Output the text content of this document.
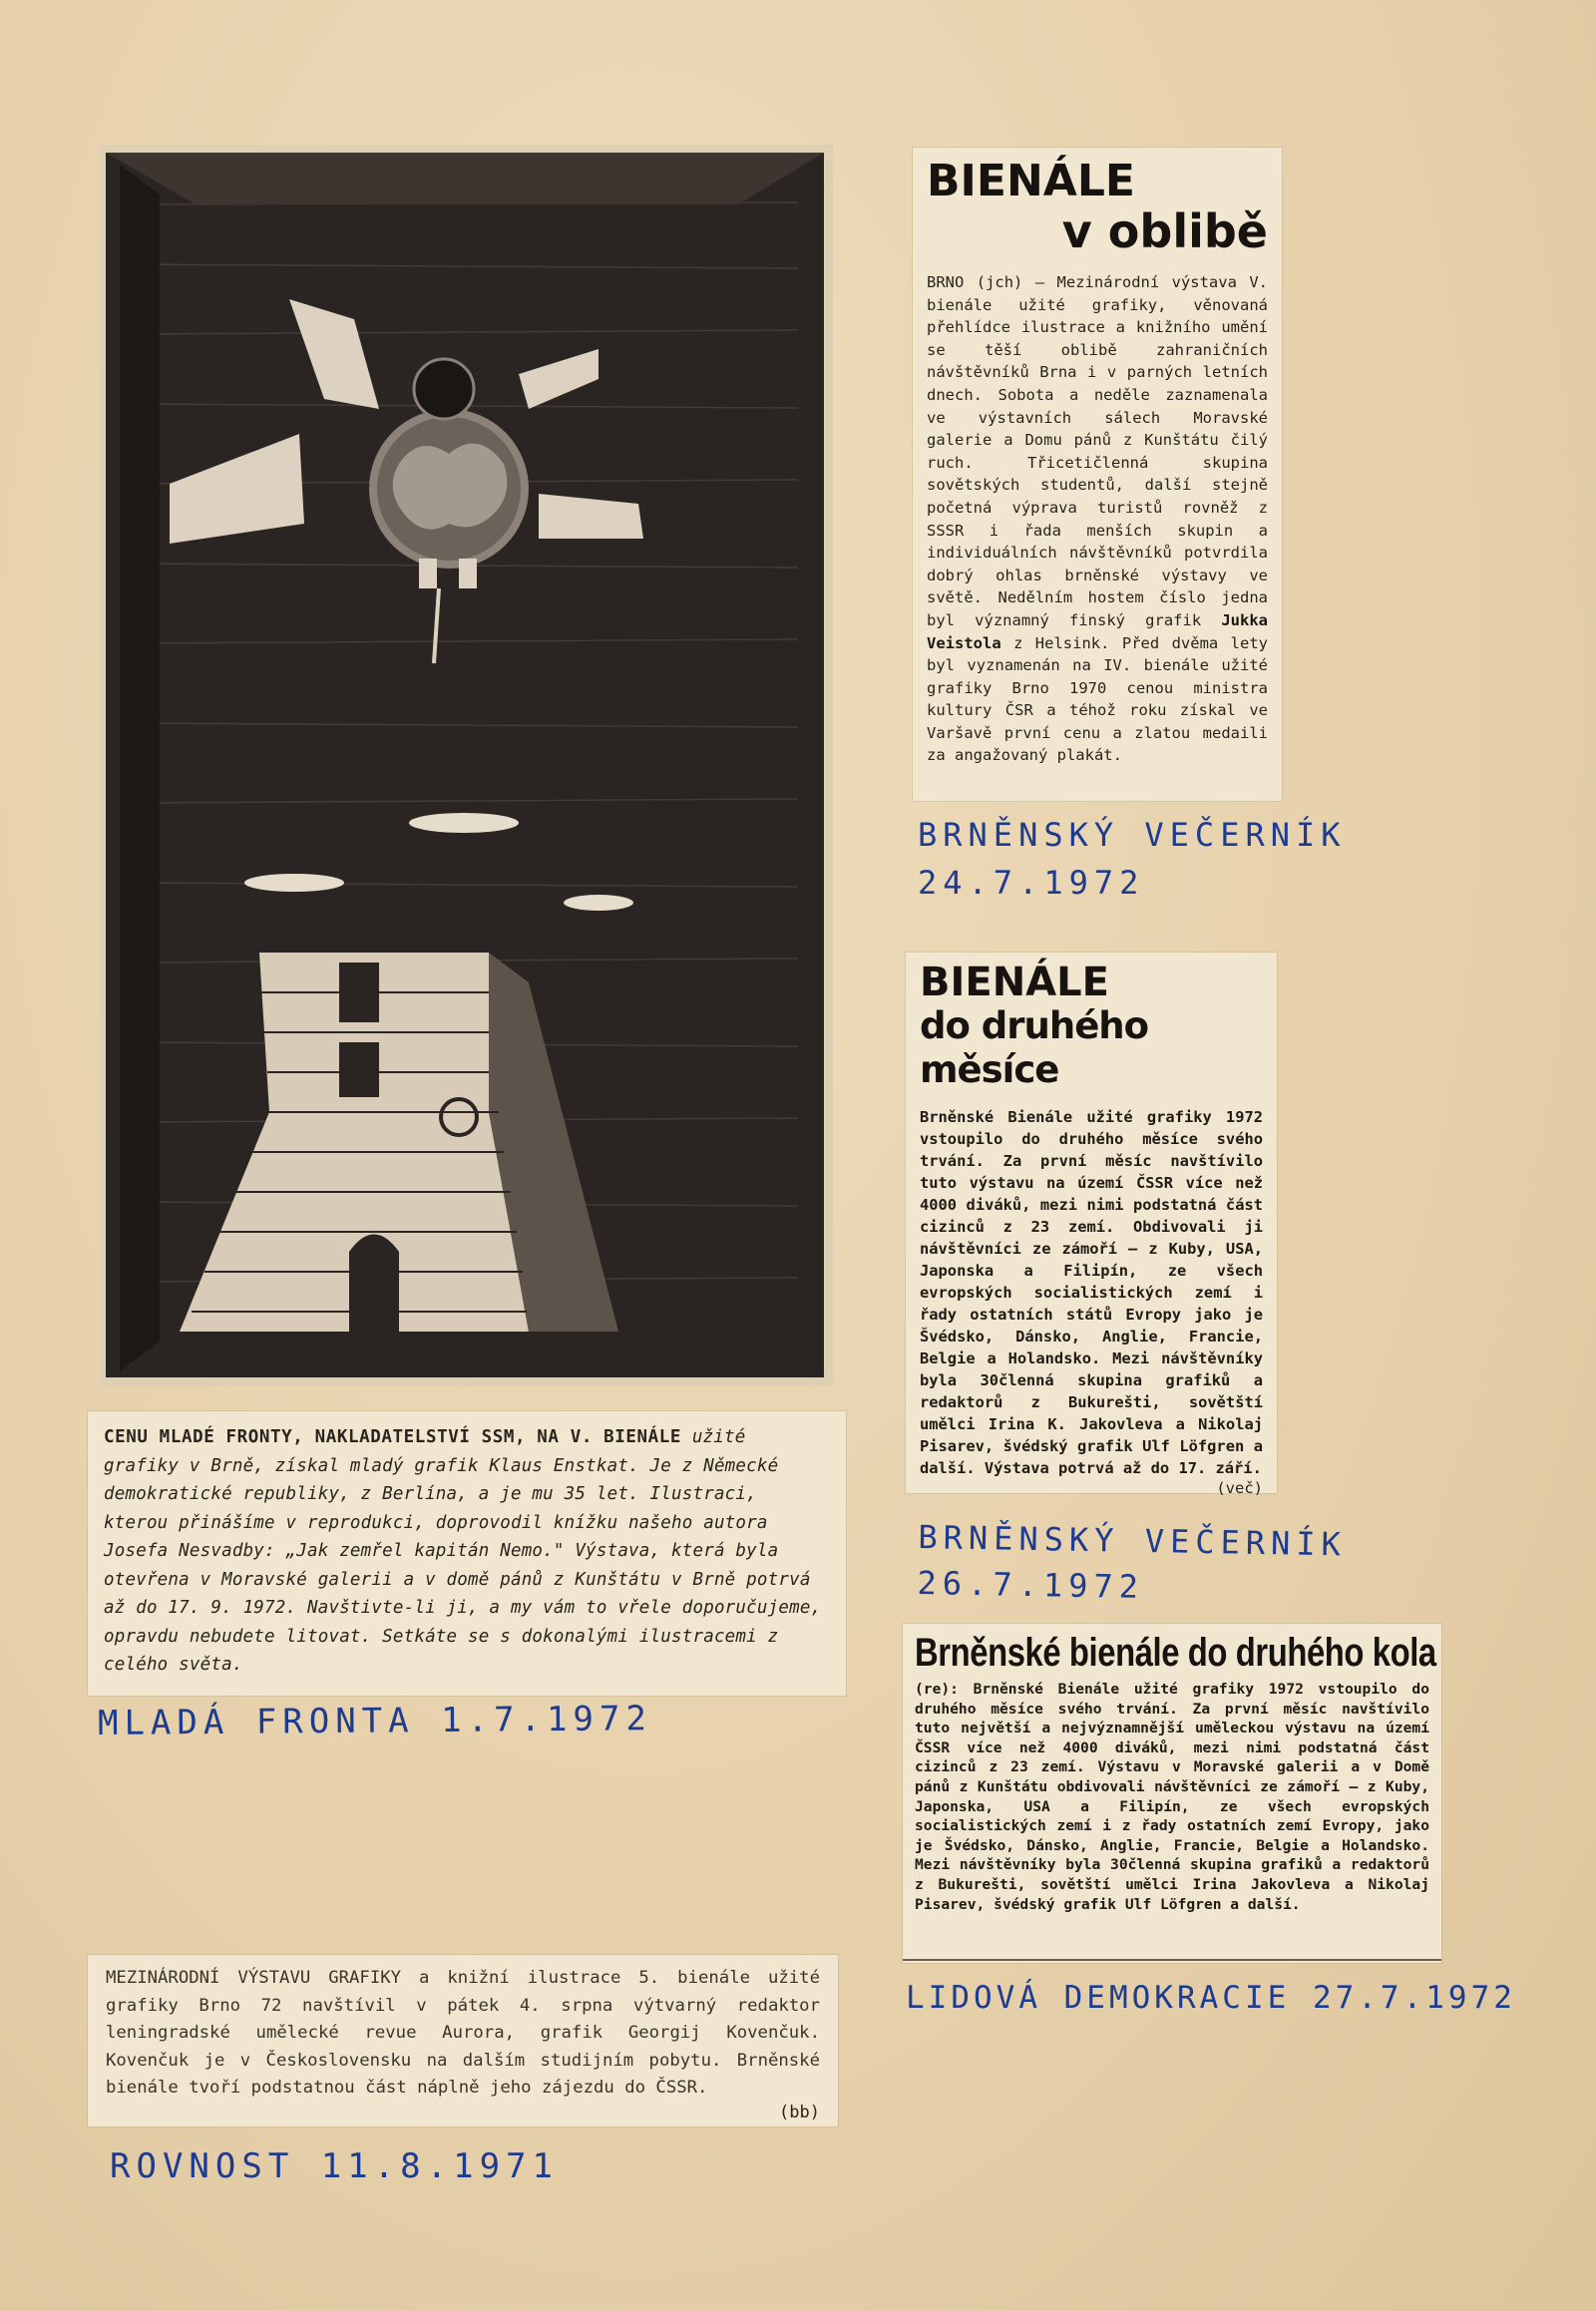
CENU MLADÉ FRONTY, NAKLADATELSTVÍ SSM, NA V. BIENÁLE užité grafiky v Brně, získal mladý grafik Klaus Enstkat. Je z Německé demokratické republiky, z Berlína, a je mu 35 let. Ilustraci, kterou přinášíme v reprodukci, doprovodil knížku našeho autora Josefa Nesvadby: „Jak zemřel kapitán Nemo." Výstava, která byla otevřena v Moravské galerii a v domě pánů z Kunštátu v Brně potrvá až do 17. 9. 1972. Navštivte-li ji, a my vám to vřele doporučujeme, opravdu nebudete litovat. Setkáte se s dokonalými ilustracemi z celého světa.
MLADÁ FRONTA 1.7.1972
BIENÁLE
v oblibě
BRNO (jch) — Mezinárodní výstava V. bienále užité grafiky, věnovaná přehlídce ilustrace a knižního umění se těší oblibě zahraničních návštěvníků Brna i v parných letních dnech. Sobota a neděle zaznamenala ve výstavních sálech Moravské galerie a Domu pánů z Kunštátu čilý ruch. Třicetičlenná skupina sovětských studentů, další stejně početná výprava turistů rovněž z SSSR i řada menších skupin a individuálních návštěvníků potvrdila dobrý ohlas brněnské výstavy ve světě. Nedělním hostem číslo jedna byl významný finský grafik Jukka Veistola z Helsink. Před dvěma lety byl vyznamenán na IV. bienále užité grafiky Brno 1970 cenou ministra kultury ČSR a téhož roku získal ve Varšavě první cenu a zlatou medaili za angažovaný plakát.
BRNĚNSKÝ VEČERNÍK
24.7.1972
BIENÁLE
do druhého měsíce
Brněnské Bienále užité grafiky 1972 vstoupilo do druhého měsíce svého trvání. Za první měsíc navštívilo tuto výstavu na území ČSSR více než 4000 diváků, mezi nimi podstatná část cizinců z 23 zemí. Obdivovali ji návštěvníci ze zámoří — z Kuby, USA, Japonska a Filipín, ze všech evropských socialistických zemí i řady ostatních států Evropy jako je Švédsko, Dánsko, Anglie, Francie, Belgie a Holandsko. Mezi návštěvníky byla 30členná skupina grafiků a redaktorů z Bukurešti, sovětští umělci Irina K. Jakovleva a Nikolaj Pisarev, švédský grafik Ulf Löfgren a další. Výstava potrvá až do 17. září.
(več)
BRNĚNSKÝ VEČERNÍK
26.7.1972
Brněnské bienále do druhého kola
(re): Brněnské Bienále užité grafiky 1972 vstoupilo do druhého měsíce svého trvání. Za první měsíc navštívilo tuto největší a nejvýznamnější uměleckou výstavu na území ČSSR více než 4000 diváků, mezi nimi podstatná část cizinců z 23 zemí. Výstavu v Moravské galerii a v Domě pánů z Kunštátu obdivovali návštěvníci ze zámoří — z Kuby, Japonska, USA a Filipín, ze všech evropských socialistických zemí i z řady ostatních zemí Evropy, jako je Švédsko, Dánsko, Anglie, Francie, Belgie a Holandsko. Mezi návštěvníky byla 30členná skupina grafiků a redaktorů z Bukurešti, sovětští umělci Irina Jakovleva a Nikolaj Pisarev, švédský grafik Ulf Löfgren a další.
LIDOVÁ DEMOKRACIE 27.7.1972
MEZINÁRODNÍ VÝSTAVU GRAFIKY a knižní ilustrace 5. bienále užité grafiky Brno 72 navštívil v pátek 4. srpna výtvarný redaktor leningradské umělecké revue Aurora, grafik Georgij Kovenčuk. Kovenčuk je v Československu na dalším studijním pobytu. Brněnské bienále tvoří podstatnou část náplně jeho zájezdu do ČSSR.
(bb)
ROVNOST 11.8.1971
